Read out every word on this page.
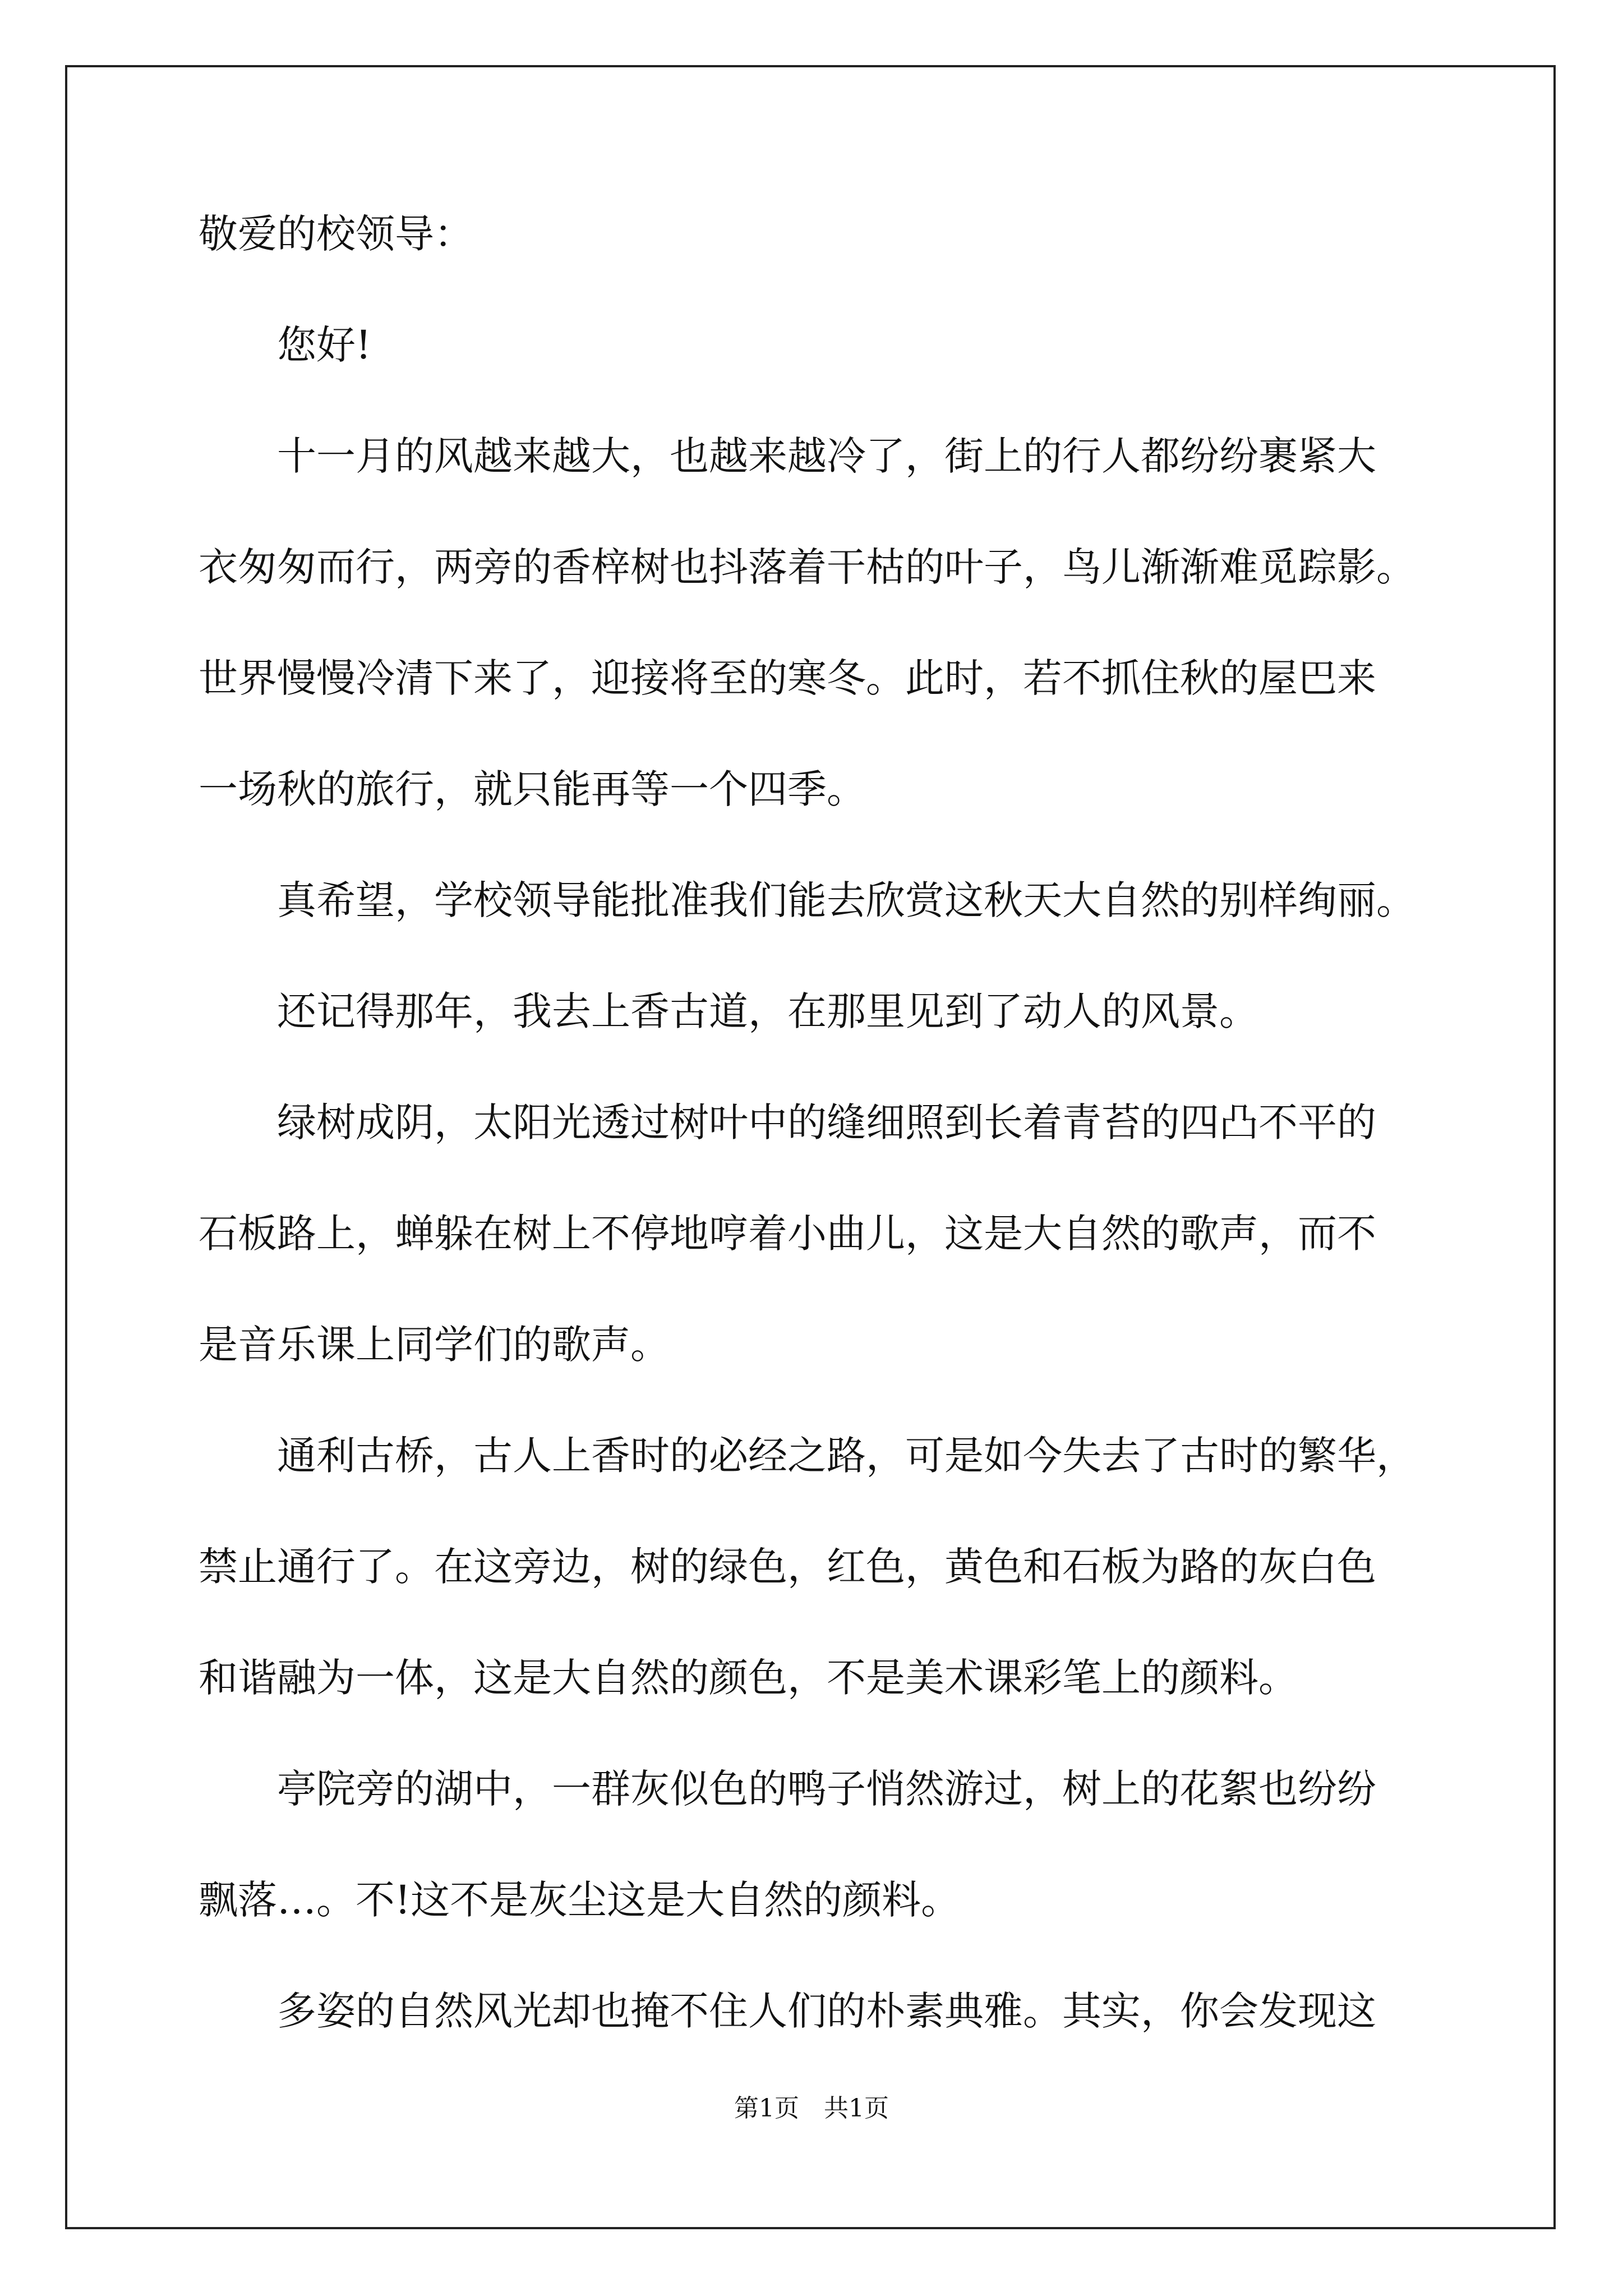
敬爱的校领导：

　　您好!

　　十一月的风越来越大，也越来越冷了，街上的行人都纷纷裹紧大

衣匆匆而行，两旁的香梓树也抖落着干枯的叶子，鸟儿渐渐难觅踪影。

世界慢慢冷清下来了，迎接将至的寒冬。此时，若不抓住秋的屋巴来

一场秋的旅行，就只能再等一个四季。

　　真希望，学校领导能批准我们能去欣赏这秋天大自然的别样绚丽。

　　还记得那年，我去上香古道，在那里见到了动人的风景。

　　绿树成阴，太阳光透过树叶中的缝细照到长着青苔的四凸不平的

石板路上，蝉躲在树上不停地哼着小曲儿，这是大自然的歌声，而不

是音乐课上同学们的歌声。

　　通利古桥，古人上香时的必经之路，可是如今失去了古时的繁华，

禁止通行了。在这旁边，树的绿色，红色，黄色和石板为路的灰白色

和谐融为一体，这是大自然的颜色，不是美术课彩笔上的颜料。

　　亭院旁的湖中，一群灰似色的鸭子悄然游过，树上的花絮也纷纷

飘落…。不!这不是灰尘这是大自然的颜料。

　　多姿的自然风光却也掩不住人们的朴素典雅。其实，你会发现这

第1页　共1页
